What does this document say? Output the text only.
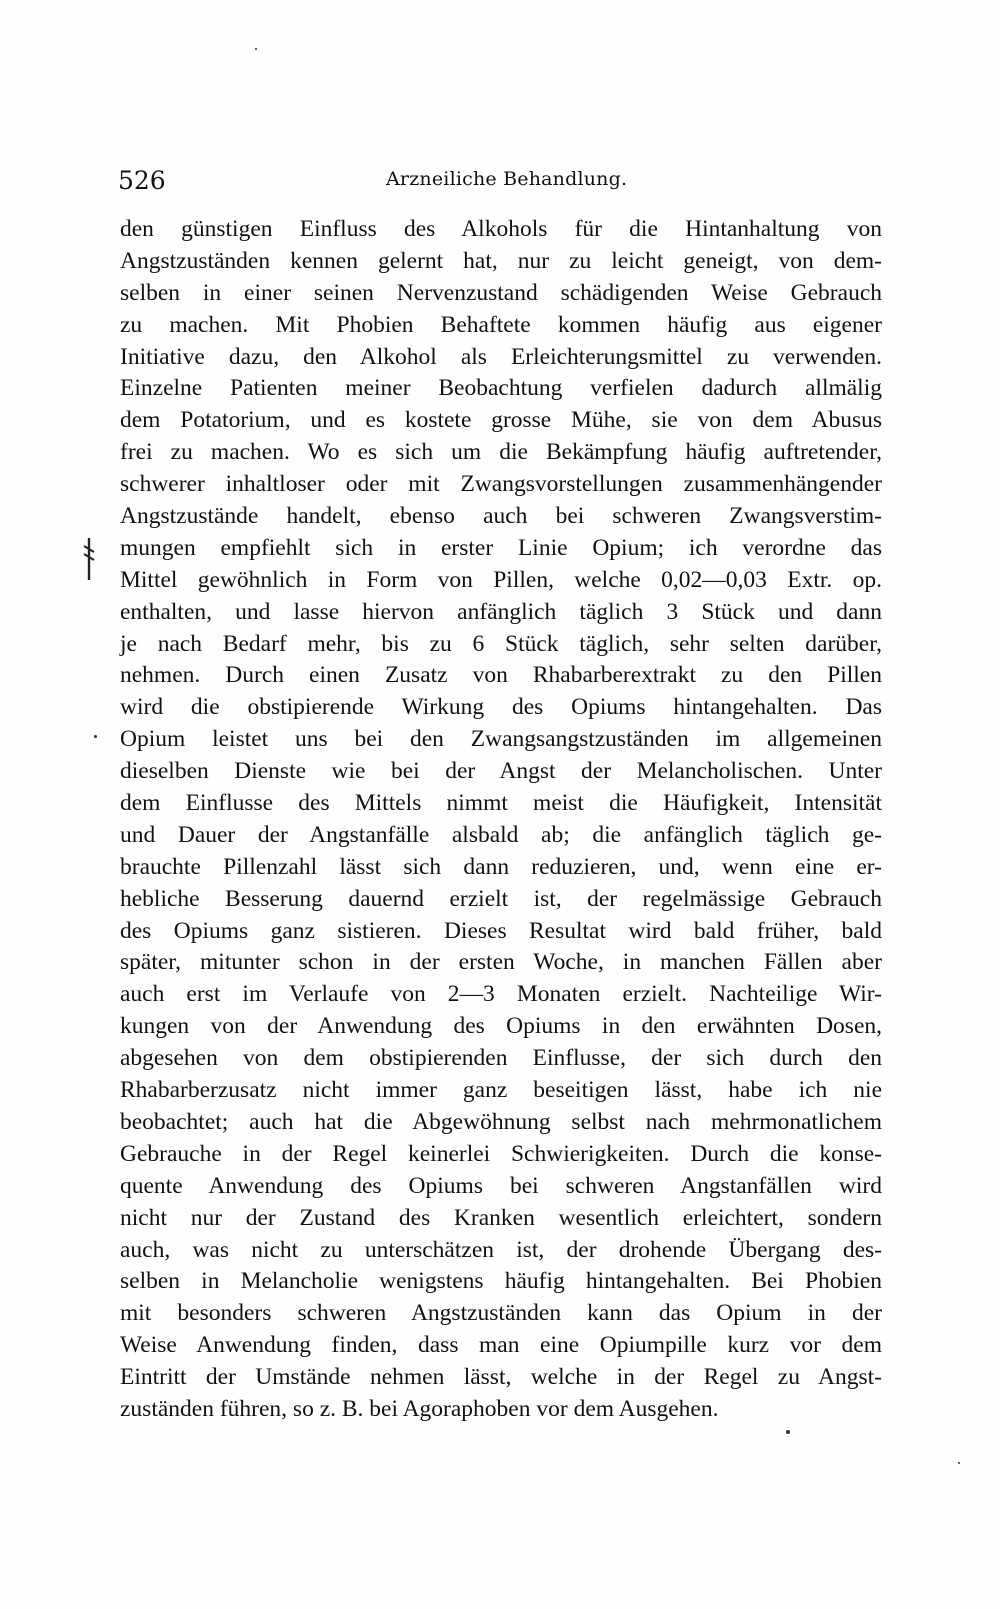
526	Arzneiliche Behandlung.
den günstigen Einfluss des Alkohols für die Hintanhaltung von
Angstzuständen kennen gelernt hat, nur zu leicht geneigt, von dem-
selben in einer seinen Nervenzustand schädigenden Weise Gebrauch
zu machen. Mit Phobien Behaftete kommen häufig aus eigener
Initiative dazu, den Alkohol als Erleichterungsmittel zu verwenden.
Einzelne Patienten meiner Beobachtung verfielen dadurch allmälig
dem Potatorium, und es kostete grosse Mühe, sie von dem Abusus
frei zu machen. Wo es sich um die Bekämpfung häufig auftretender,
schwerer inhaltloser oder mit Zwangsvorstellungen zusammenhängender
Angstzustände handelt, ebenso auch bei schweren Zwangsverstim-
mungen empfiehlt sich in erster Linie Opium; ich verordne das
Mittel gewöhnlich in Form von Pillen, welche 0,02—0,03 Extr. op.
enthalten, und lasse hiervon anfänglich täglich 3 Stück und dann
je nach Bedarf mehr, bis zu 6 Stück täglich, sehr selten darüber,
nehmen. Durch einen Zusatz von Rhabarberextrakt zu den Pillen
wird die obstipierende Wirkung des Opiums hintangehalten. Das
Opium leistet uns bei den Zwangsangstzuständen im allgemeinen
dieselben Dienste wie bei der Angst der Melancholischen. Unter
dem Einflusse des Mittels nimmt meist die Häufigkeit, Intensität
und Dauer der Angstanfälle alsbald ab; die anfänglich täglich ge-
brauchte Pillenzahl lässt sich dann reduzieren, und, wenn eine er-
hebliche Besserung dauernd erzielt ist, der regelmässige Gebrauch
des Opiums ganz sistieren. Dieses Resultat wird bald früher, bald
später, mitunter schon in der ersten Woche, in manchen Fällen aber
auch erst im Verlaufe von 2—3 Monaten erzielt. Nachteilige Wir-
kungen von der Anwendung des Opiums in den erwähnten Dosen,
abgesehen von dem obstipierenden Einflusse, der sich durch den
Rhabarberzusatz nicht immer ganz beseitigen lässt, habe ich nie
beobachtet; auch hat die Abgewöhnung selbst nach mehrmonatlichem
Gebrauche in der Regel keinerlei Schwierigkeiten. Durch die konse-
quente Anwendung des Opiums bei schweren Angstanfällen wird
nicht nur der Zustand des Kranken wesentlich erleichtert, sondern
auch, was nicht zu unterschätzen ist, der drohende Übergang des-
selben in Melancholie wenigstens häufig hintangehalten. Bei Phobien
mit besonders schweren Angstzuständen kann das Opium in der
Weise Anwendung finden, dass man eine Opiumpille kurz vor dem
Eintritt der Umstände nehmen lässt, welche in der Regel zu Angst-
zuständen führen, so z. B. bei Agoraphoben vor dem Ausgehen.
